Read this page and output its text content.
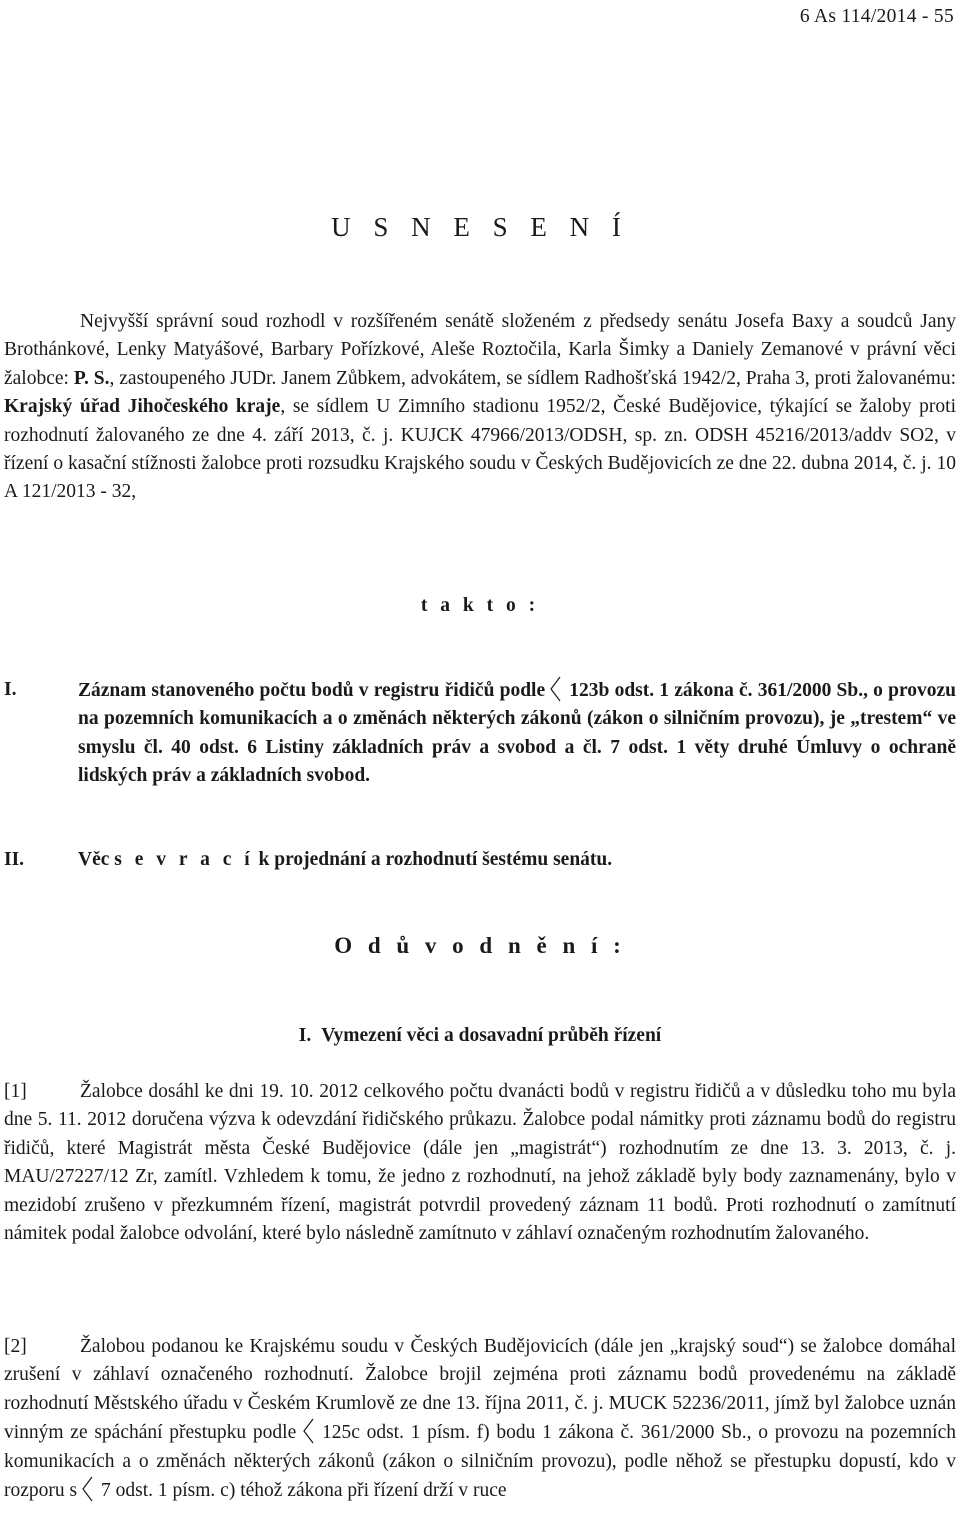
6 As 114/2014 - 55
U S N E S E N Í
Nejvyšší správní soud rozhodl v rozšířeném senátě složeném z předsedy senátu Josefa Baxy a soudců Jany Brothánkové, Lenky Matyášové, Barbary Pořízkové, Aleše Roztočila, Karla Šimky a Daniely Zemanové v právní věci žalobce: P. S., zastoupeného JUDr. Janem Zůbkem, advokátem, se sídlem Radhošťská 1942/2, Praha 3, proti žalovanému: Krajský úřad Jihočeského kraje, se sídlem U Zimního stadionu 1952/2, České Budějovice, týkající se žaloby proti rozhodnutí žalovaného ze dne 4. září 2013, č. j. KUJCK 47966/2013/ODSH, sp. zn. ODSH 45216/2013/addv SO2, v řízení o kasační stížnosti žalobce proti rozsudku Krajského soudu v Českých Budějovicích ze dne 22. dubna 2014, č. j. 10 A 121/2013 - 32,
t a k t o :
I.	Záznam stanoveného počtu bodů v registru řidičů podle 123b odst. 1 zákona č. 361/2000 Sb., o provozu na pozemních komunikacích a o změnách některých zákonů (zákon o silničním provozu), je „trestem“ ve smyslu čl. 40 odst. 6 Listiny základních práv a svobod a čl. 7 odst. 1 věty druhé Úmluvy o ochraně lidských práv a základních svobod.
II.	Věc s e v r a c í k projednání a rozhodnutí šestému senátu.
O d ů v o d n ě n í :
I. Vymezení věci a dosavadní průběh řízení
[1]	Žalobce dosáhl ke dni 19. 10. 2012 celkového počtu dvanácti bodů v registru řidičů a v důsledku toho mu byla dne 5. 11. 2012 doručena výzva k odevzdání řidičského průkazu. Žalobce podal námitky proti záznamu bodů do registru řidičů, které Magistrát města České Budějovice (dále jen „magistrát“) rozhodnutím ze dne 13. 3. 2013, č. j. MAU/27227/12 Zr, zamítl. Vzhledem k tomu, že jedno z rozhodnutí, na jehož základě byly body zaznamenány, bylo v mezidobí zrušeno v přezkumném řízení, magistrát potvrdil provedený záznam 11 bodů. Proti rozhodnutí o zamítnutí námitek podal žalobce odvolání, které bylo následně zamítnuto v záhlaví označeným rozhodnutím žalovaného.
[2]	Žalobou podanou ke Krajskému soudu v Českých Budějovicích (dále jen „krajský soud“) se žalobce domáhal zrušení v záhlaví označeného rozhodnutí. Žalobce brojil zejména proti záznamu bodů provedenému na základě rozhodnutí Městského úřadu v Českém Krumlově ze dne 13. října 2011, č. j. MUCK 52236/2011, jímž byl žalobce uznán vinným ze spáchání přestupku podle 125c odst. 1 písm. f) bodu 1 zákona č. 361/2000 Sb., o provozu na pozemních komunikacích a o změnách některých zákonů (zákon o silničním provozu), podle něhož se přestupku dopustí, kdo v rozporu s 7 odst. 1 písm. c) téhož zákona při řízení drží v ruce
